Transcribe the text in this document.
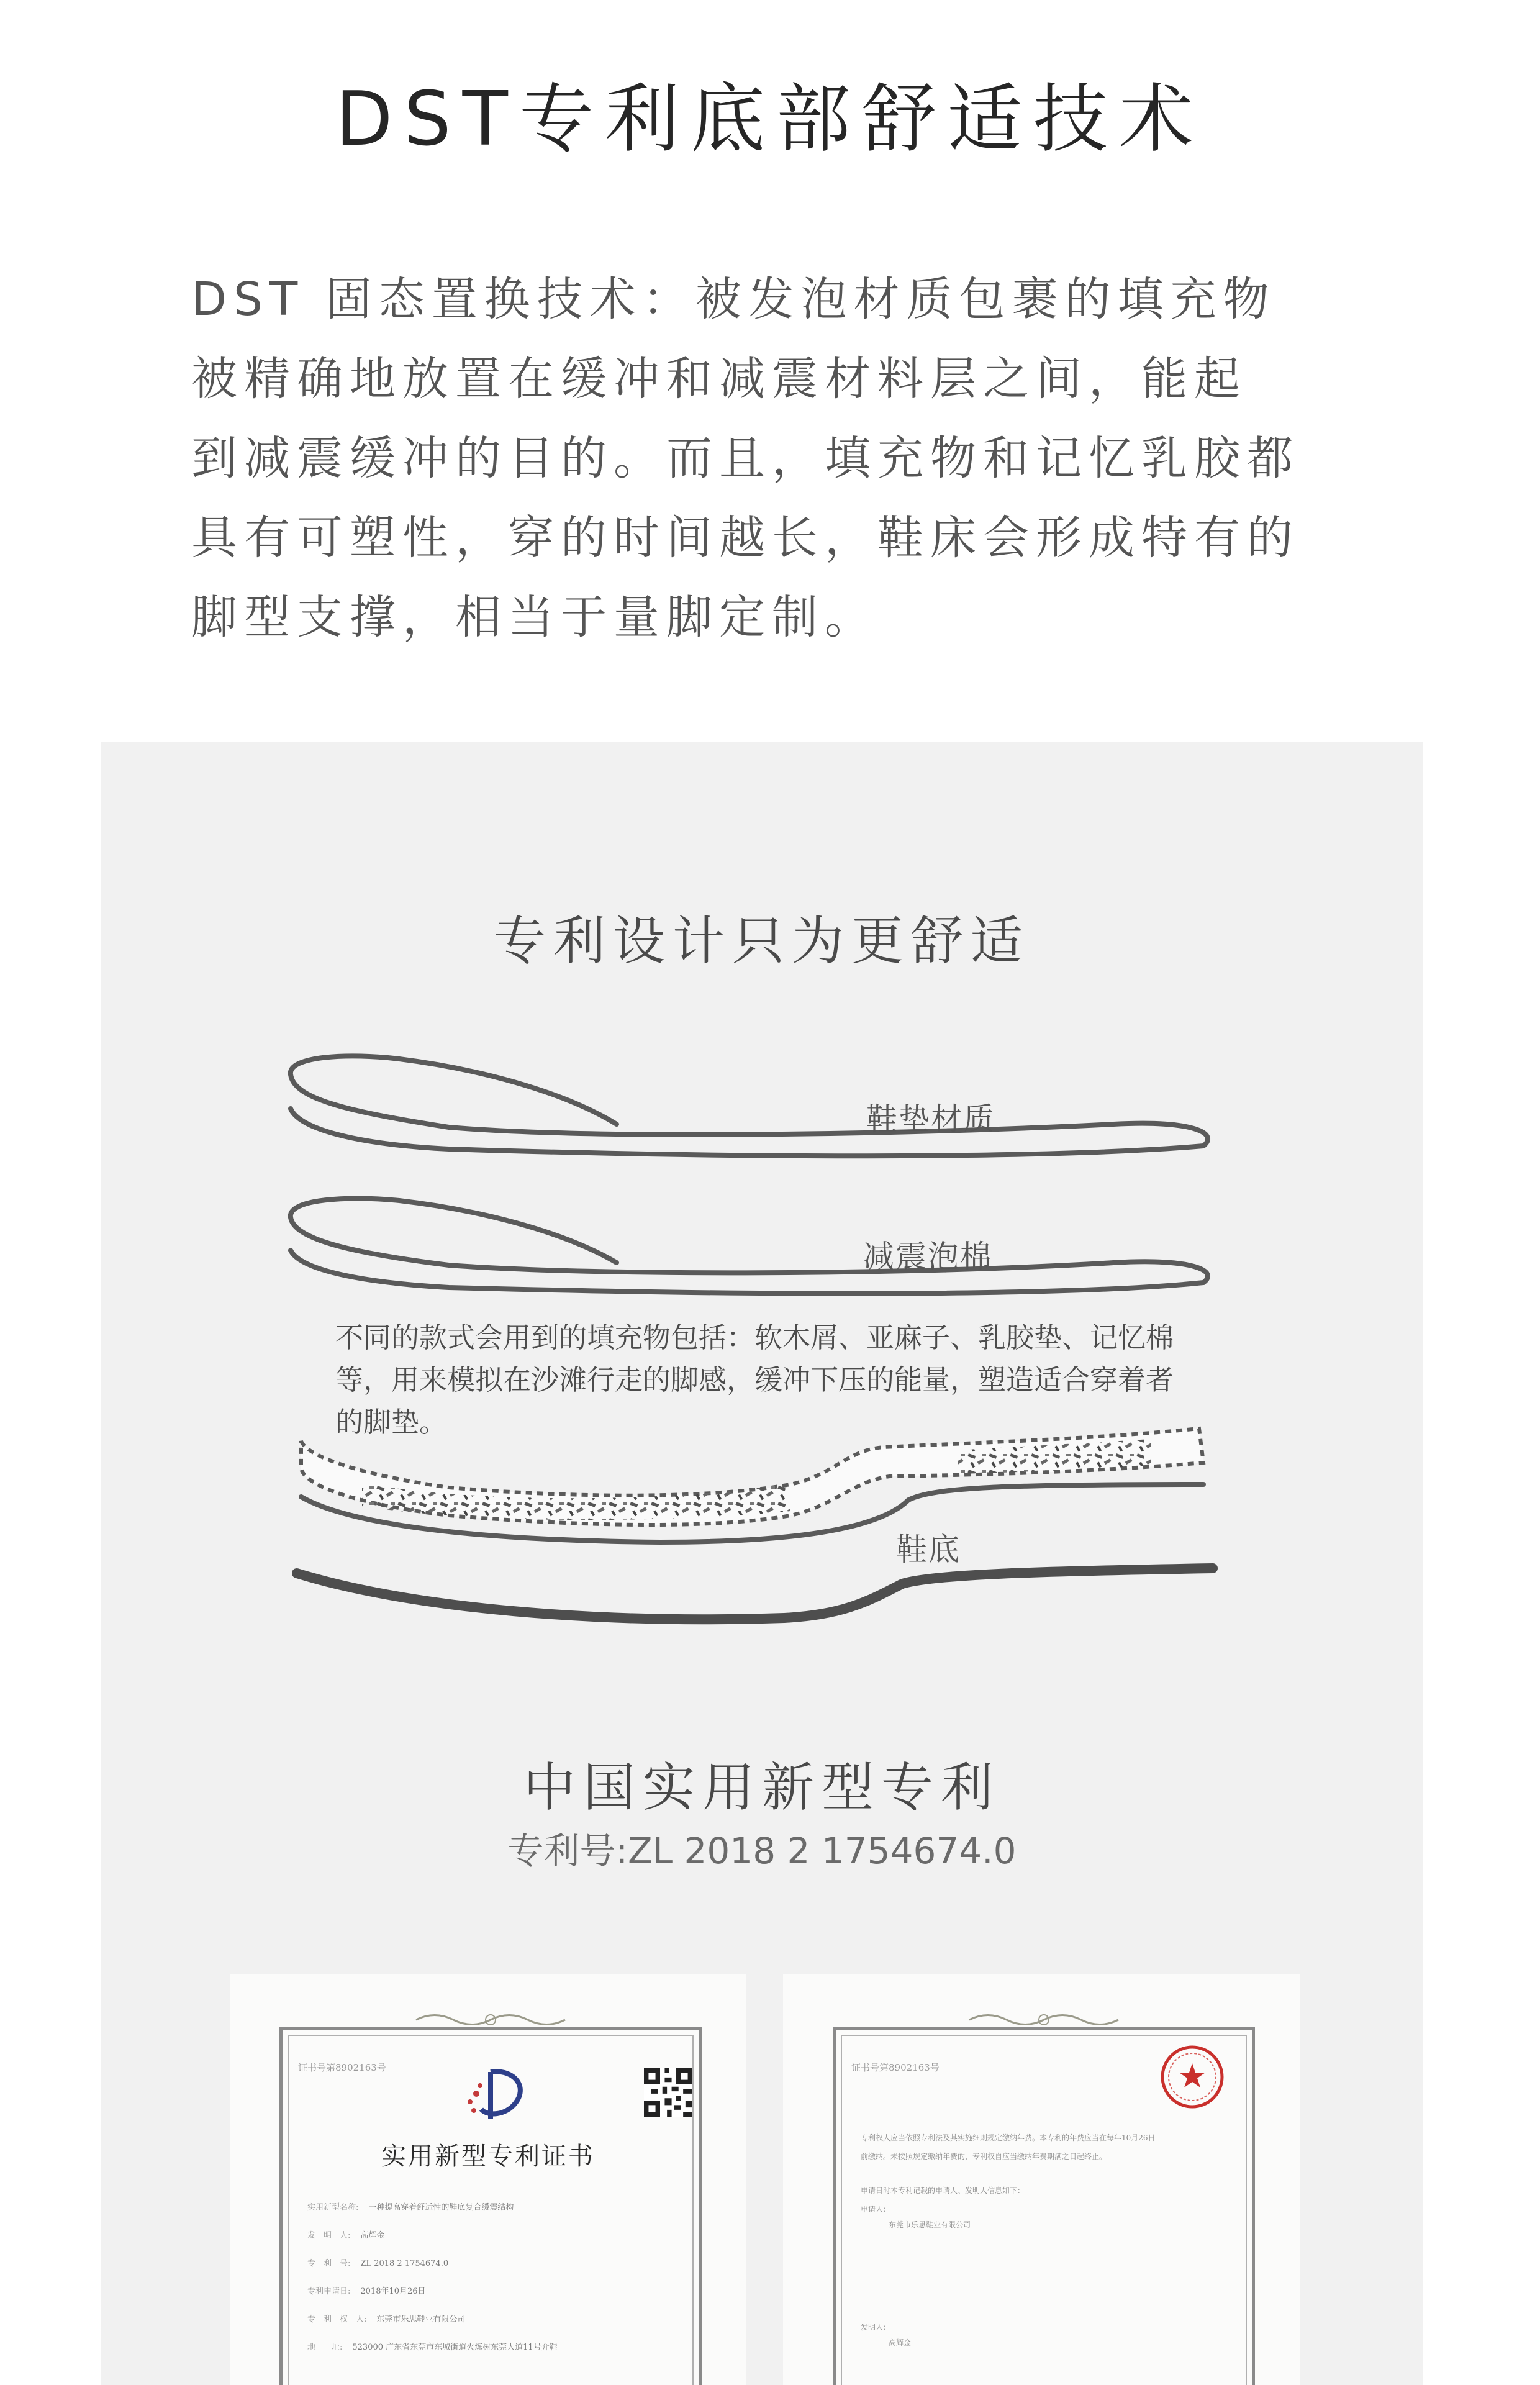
DST专利底部舒适技术
DST 固态置换技术：被发泡材质包裹的填充物
被精确地放置在缓冲和减震材料层之间，能起
到减震缓冲的目的。而且，填充物和记忆乳胶都
具有可塑性，穿的时间越长，鞋床会形成特有的
脚型支撑，相当于量脚定制。
专利设计只为更舒适
鞋垫材质
减震泡棉
鞋底
不同的款式会用到的填充物包括：软木屑、亚麻子、乳胶垫、记忆棉
等，用来模拟在沙滩行走的脚感，缓冲下压的能量，塑造适合穿着者
的脚垫。
中国实用新型专利
专利号:ZL 2018 2 1754674.0
证书号第8902163号
实用新型专利证书
实用新型名称: 一种提高穿着舒适性的鞋底复合缓震结构
发　明　人: 高辉金
专　利　号: ZL 2018 2 1754674.0
专利申请日: 2018年10月26日
专　利　权　人: 东莞市乐思鞋业有限公司
地　　址: 523000 广东省东莞市东城街道火炼树东莞大道11号介鞋
证书号第8902163号
专利权人应当依照专利法及其实施细则规定缴纳年费。本专利的年费应当在每年10月26日
前缴纳。未按照规定缴纳年费的，专利权自应当缴纳年费期满之日起终止。
申请日时本专利记载的申请人、发明人信息如下：
申请人：
东莞市乐思鞋业有限公司
发明人：
高辉金
